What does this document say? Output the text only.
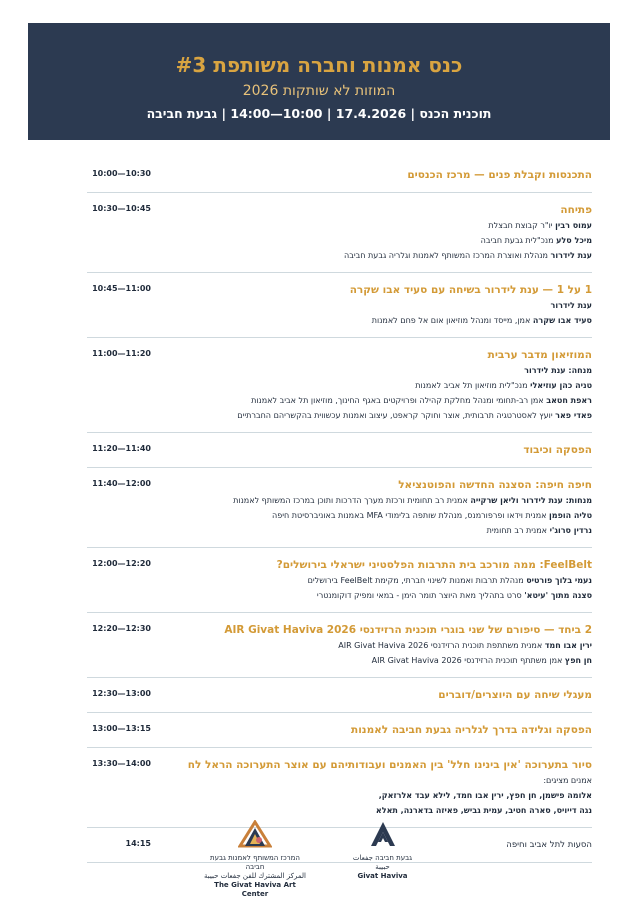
כנס אמנות וחברה משותפת #3
המוזות לא שותקות 2026
תוכנית הכנס | 17.4.2026 | 10:00—14:00 | גבעת חביבה
10:00—10:30	התכנסות וקבלת פנים — מרכז הכנסים
10:30—10:45	פתיחה
עמוס רבין יו"ר קבוצת חבצלת
מיכל סלע מנכ"לית גבעת חביבה
ענת לידרור מנהלת ואוצרת המרכז המשותף לאמנות וגלריה גבעת חביבה
10:45—11:00	1 על 1 — ענת לידרור בשיחה עם סעיד אבו שקרה
ענת לידרור
סעיד אבו שקרה אמן, מייסד ומנהל מוזיאון אום אל פחם לאמנות
11:00—11:20	המוזיאון מדבר ערבית
מנחה: ענת לידרור
טניה כהן עוזיאלי מנכ"לית מוזיאון תל אביב לאמנות
ראפת חטאב אמן רב-תחומי ומנהל מחלקת קהילה ופרויקטים באגף החינוך, מוזיאון תל אביב לאמנות
פאדי פאר יועץ לאסטרטגיה תרבותית, אוצר וחוקר קראפט, עיצוב ואמנות עכשווית בהקשריהם החברתיים
11:20—11:40	הפסקה וכיבוד
11:40—12:00	חיפה חיפה: הסצנה החדשה והפוטנציאל
מנחות: ענת לידרור וליאן שרקייה אמנית רב תחומית ורכזת מערך הדרכות ותוכן במרכז המשותף לאמנות
טליה הופמן אמנית וידאו ופרפורמנס, מנהלת שותפה בלימודי MFA באמנות באוניברסיטת חיפה
נרדין סרוג'י אמנית רב תחומית
12:00—12:20	FeelBelt: ממה מורכב בית התרבות הפלסטיני ישראלי בירושלים?
נעמי בלוך פורטיס מנהלת תרבות ואמנות לשינוי חברתי, מקימת FeelBelt בירושלים
סצנה מתוך 'עיטא' סרט בתהליך מאת היוצר תומר הימן - במאי ומפיק דוקומנטרי
12:20—12:30	2 ביחד — סיפורם של שני בוגרי תוכנית הרזידנסי AIR Givat Haviva 2026
ירין אבו חמד אמנית משתתפת תוכנית הרזידנסי AIR Givat Haviva 2026
חן חפץ אמן משתתף תוכנית הרזידנסי AIR Givat Haviva 2026
12:30—13:00	מעגלי שיחה עם היוצרים/דוברים
13:00—13:15	הפסקה וגלידה בדרך לגלריה גבעת חביבה לאמנות
13:30—14:00	סיור בתערוכה 'אין בינינו חלל' בין האמנים ועבודותיהם עם אוצר התערוכה הראל לח
אמנים מציגים:
אלומה פישמן, חן חפץ, ירין אבו חמד, לילא עבד אלרזאק,
נגה דייויס, סארה חטיב, עמית גביש, פאיזה בדארנה, תאלא
14:15	הסעות לתל אביב וחיפה
גבעת חביבה جفعات حبيبة
Givat Haviva
המרכז המשותף לאמנות גבעת חביבה
المركز المشترك للفن جفعات حبيبة
The Givat Haviva Art Center
